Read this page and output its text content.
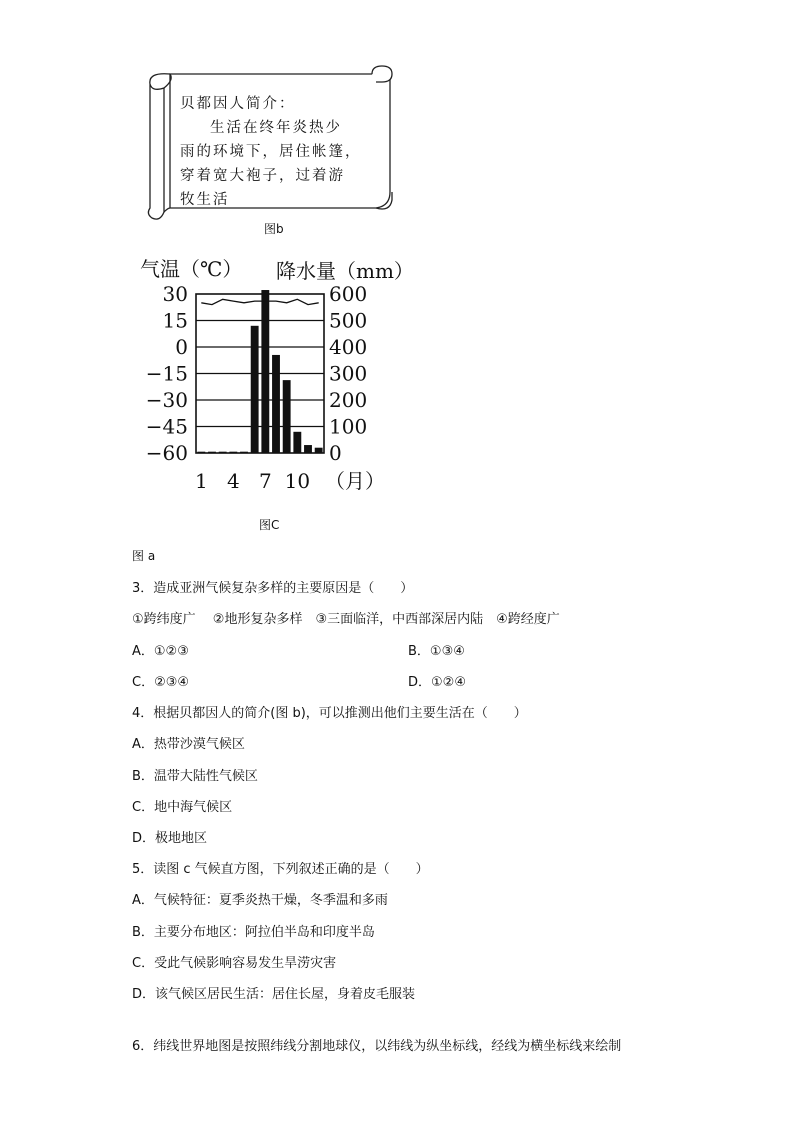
贝都因人简介：
生活在终年炎热少
雨的环境下，居住帐篷，
穿着宽大袍子，过着游
牧生活
图b
气温（℃） 降水量（mm）
30
15
0
−15
−30
−45
−60
600
500
400
300
200
100
0
1 4 7 10 （月）
图C
图 a
3．造成亚洲气候复杂多样的主要原因是（　　）
①跨纬度广　 ②地形复杂多样　③三面临洋，中西部深居内陆　④跨经度广
A．①②③	B．①③④
C．②③④	D．①②④
4．根据贝都因人的简介(图 b)，可以推测出他们主要生活在（　　）
A．热带沙漠气候区
B．温带大陆性气候区
C．地中海气候区
D．极地地区
5．读图 c 气候直方图，下列叙述正确的是（　　）
A．气候特征：夏季炎热干燥，冬季温和多雨
B．主要分布地区：阿拉伯半岛和印度半岛
C．受此气候影响容易发生旱涝灾害
D．该气候区居民生活：居住长屋，身着皮毛服装
6．纬线世界地图是按照纬线分割地球仪，以纬线为纵坐标线，经线为横坐标线来绘制
